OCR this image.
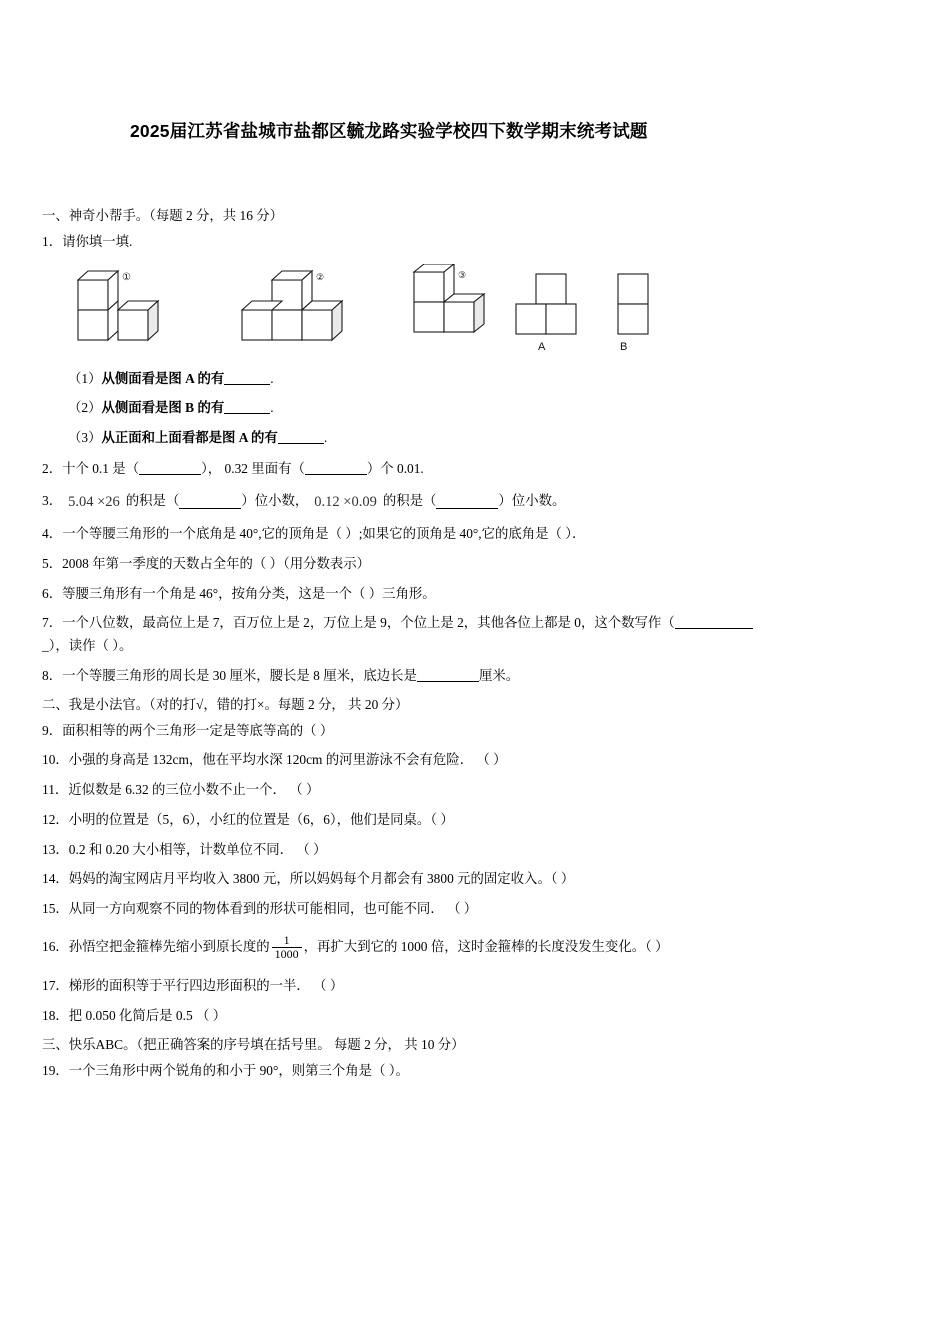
2025届江苏省盐城市盐都区毓龙路实验学校四下数学期末统考试题
一、神奇小帮手。（每题 2 分，共 16 分）
1．请你填一填.
①	②	③
A	B
（1）从侧面看是图 A 的有	.
（2）从侧面看是图 B 的有	.
（3）从正面和上面看都是图 A 的有	.
2．十个 0.1 是（	）， 0.32 里面有（	）个 0.01.
3． 5.04 ×26 的积是（	）位小数， 0.12 ×0.09 的积是（	）位小数。
4．一个等腰三角形的一个底角是 40°,它的顶角是（ ）;如果它的顶角是 40°,它的底角是（ ）．
5．2008 年第一季度的天数占全年的（ ）（用分数表示）
6．等腰三角形有一个角是 46°，按角分类，这是一个（ ）三角形。
7．一个八位数，最高位上是 7，百万位上是 2，万位上是 9，个位上是 2，其他各位上都是 0，这个数写作（
_），读作（ ）。
8．一个等腰三角形的周长是 30 厘米，腰长是 8 厘米，底边长是	厘米。
二、我是小法官。（对的打√，错的打×。每题 2 分， 共 20 分）
9．面积相等的两个三角形一定是等底等高的（ ）
10．小强的身高是 132cm，他在平均水深 120cm 的河里游泳不会有危险． （ ）
11．近似数是 6.32 的三位小数不止一个． （ ）
12．小明的位置是（5，6），小红的位置是（6，6），他们是同桌。（ ）
13．0.2 和 0.20 大小相等，计数单位不同． （ ）
14．妈妈的淘宝网店月平均收入 3800 元，所以妈妈每个月都会有 3800 元的固定收入。（ ）
15．从同一方向观察不同的物体看到的形状可能相同，也可能不同． （ ）
16．孙悟空把金箍棒先缩小到原长度的 $\frac{1}{1000}$ ，再扩大到它的 1000 倍，这时金箍棒的长度没发生变化。（ ）
17．梯形的面积等于平行四边形面积的一半． （ ）
18．把 0.050 化简后是 0.5 （ ）
三、快乐ABC。（把正确答案的序号填在括号里。 每题 2 分， 共 10 分）
19．一个三角形中两个锐角的和小于 90°，则第三个角是（ ）。
